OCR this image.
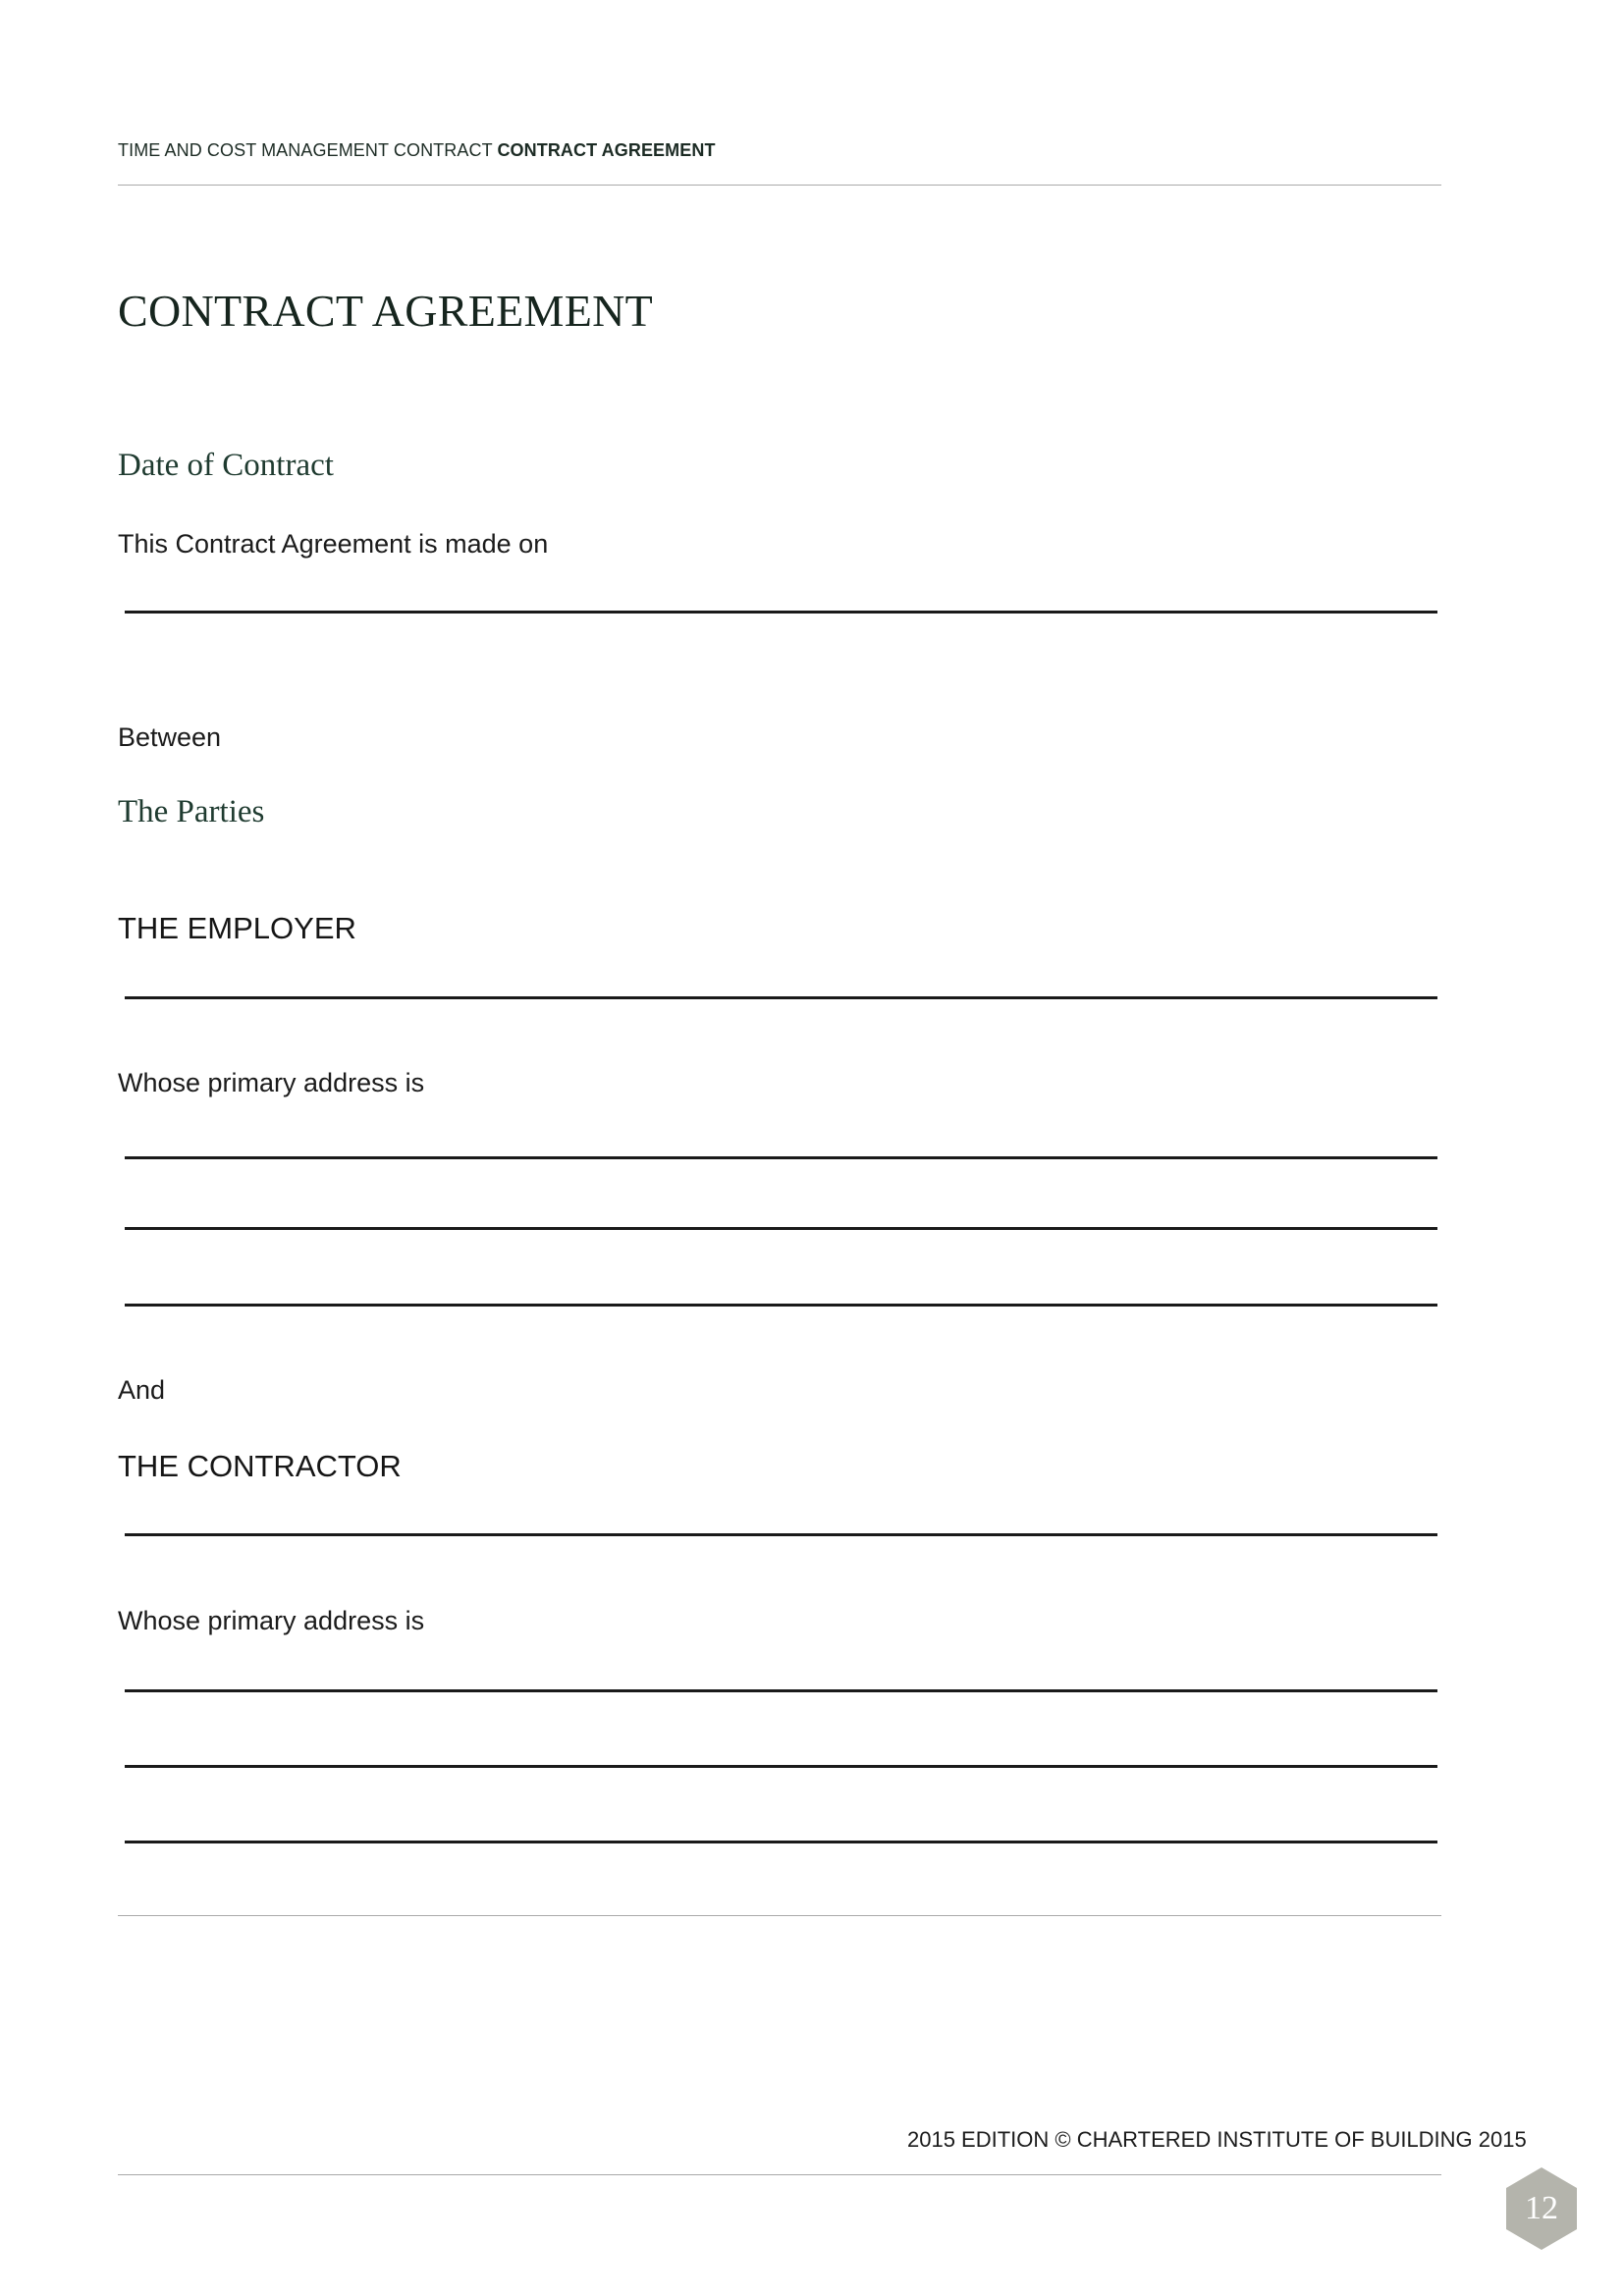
TIME AND COST MANAGEMENT CONTRACT CONTRACT AGREEMENT
CONTRACT AGREEMENT
Date of Contract
This Contract Agreement is made on
Between
The Parties
THE EMPLOYER
Whose primary address is
And
THE CONTRACTOR
Whose primary address is
2015 EDITION © CHARTERED INSTITUTE OF BUILDING 2015
12
